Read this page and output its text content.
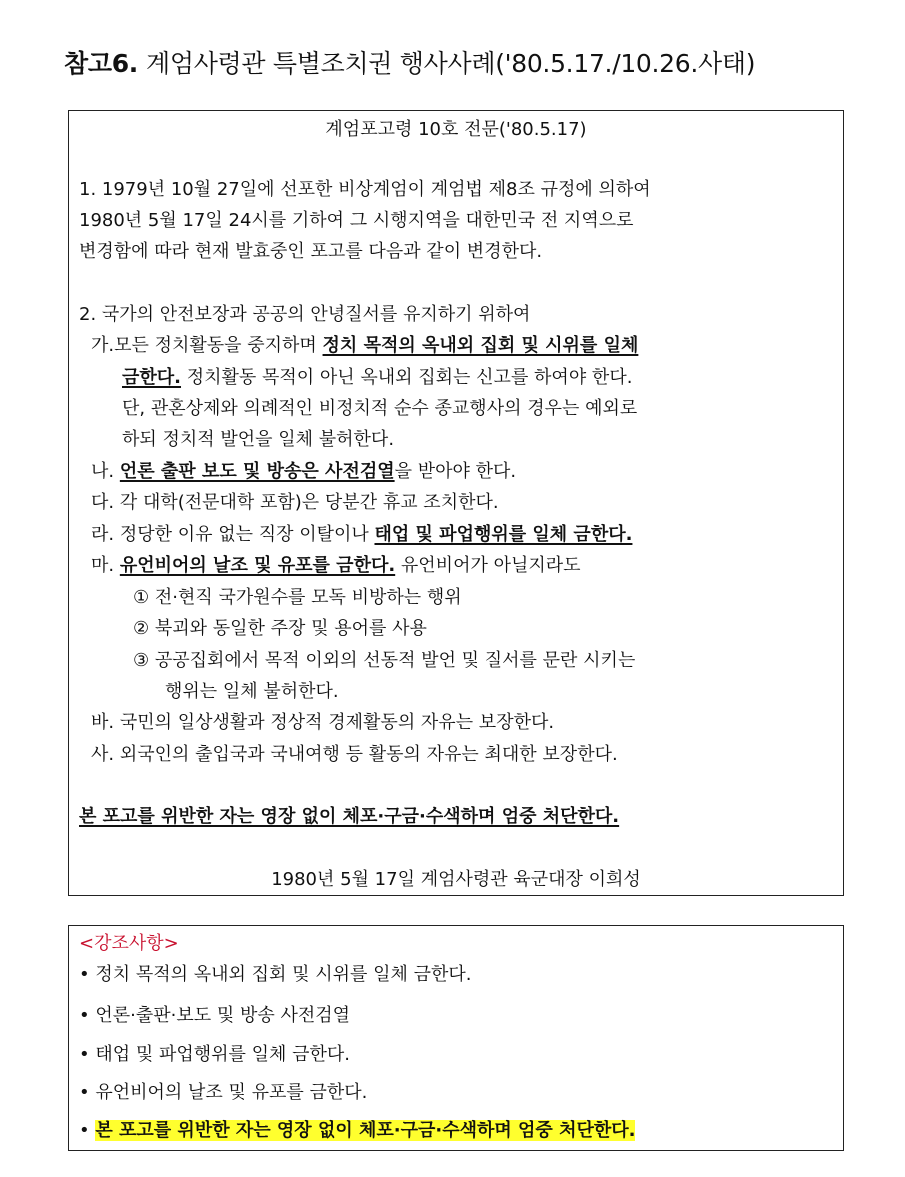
참고6. 계엄사령관 특별조치권 행사사례('80.5.17./10.26.사태)
계엄포고령 10호 전문('80.5.17)
1. 1979년 10월 27일에 선포한 비상계엄이 계엄법 제8조 규정에 의하여
1980년 5월 17일 24시를 기하여 그 시행지역을 대한민국 전 지역으로
변경함에 따라 현재 발효중인 포고를 다음과 같이 변경한다.
2. 국가의 안전보장과 공공의 안녕질서를 유지하기 위하여
가.모든 정치활동을 중지하며 정치 목적의 옥내외 집회 및 시위를 일체
금한다. 정치활동 목적이 아닌 옥내외 집회는 신고를 하여야 한다.
단, 관혼상제와 의례적인 비정치적 순수 종교행사의 경우는 예외로
하되 정치적 발언을 일체 불허한다.
나. 언론 출판 보도 및 방송은 사전검열을 받아야 한다.
다. 각 대학(전문대학 포함)은 당분간 휴교 조치한다.
라. 정당한 이유 없는 직장 이탈이나 태업 및 파업행위를 일체 금한다.
마. 유언비어의 날조 및 유포를 금한다. 유언비어가 아닐지라도
① 전·현직 국가원수를 모독 비방하는 행위
② 북괴와 동일한 주장 및 용어를 사용
③ 공공집회에서 목적 이외의 선동적 발언 및 질서를 문란 시키는
행위는 일체 불허한다.
바. 국민의 일상생활과 정상적 경제활동의 자유는 보장한다.
사. 외국인의 출입국과 국내여행 등 활동의 자유는 최대한 보장한다.
본 포고를 위반한 자는 영장 없이 체포·구금·수색하며 엄중 처단한다.
1980년 5월 17일 계엄사령관 육군대장 이희성
<강조사항>
• 정치 목적의 옥내외 집회 및 시위를 일체 금한다.
• 언론·출판·보도 및 방송 사전검열
• 태업 및 파업행위를 일체 금한다.
• 유언비어의 날조 및 유포를 금한다.
• 본 포고를 위반한 자는 영장 없이 체포·구금·수색하며 엄중 처단한다.
